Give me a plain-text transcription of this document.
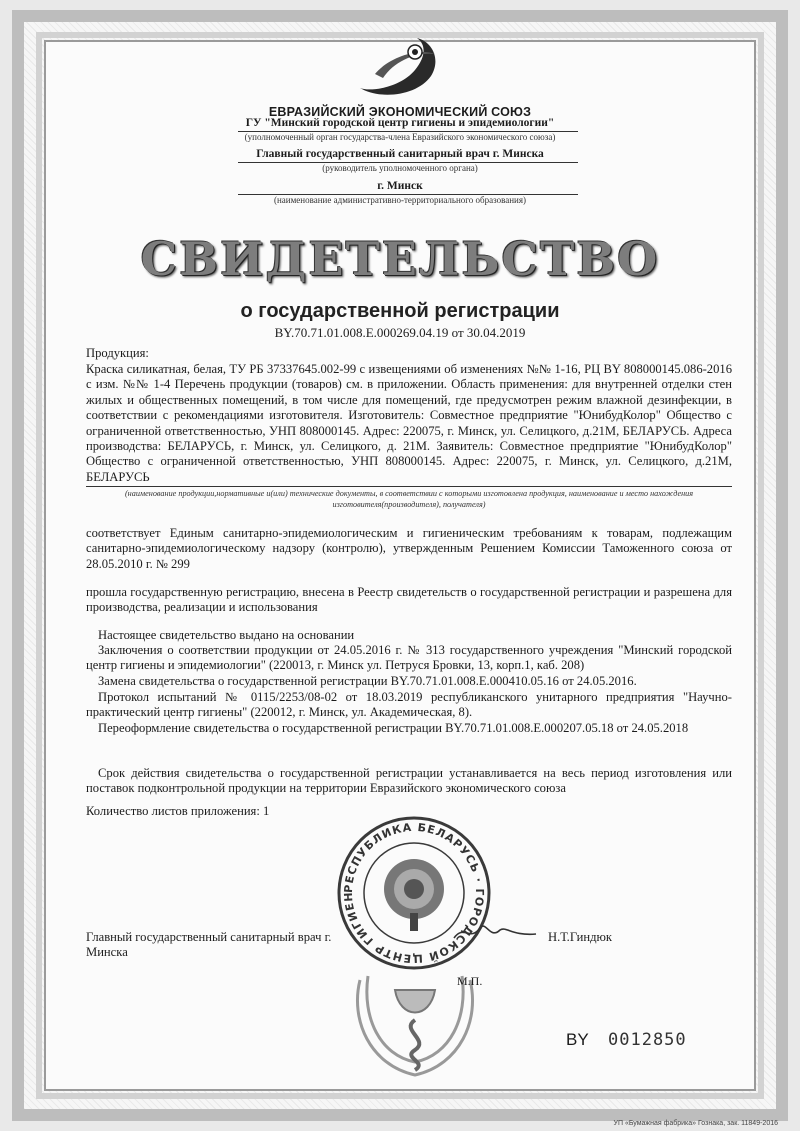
ЕВРАЗИЙСКИЙ ЭКОНОМИЧЕСКИЙ СОЮЗ
ГУ "Минский городской центр гигиены и эпидемиологии"
(уполномоченный орган государства-члена Евразийского экономического союза)
Главный государственный санитарный врач г. Минска
(руководитель уполномоченного органа)
г. Минск
(наименование административно-территориального образования)
СВИДЕТЕЛЬСТВО
о государственной регистрации
BY.70.71.01.008.E.000269.04.19 от 30.04.2019
Продукция:
Краска силикатная, белая, ТУ РБ 37337645.002-99 с извещениями об изменениях №№ 1-16, РЦ BY 808000145.086-2016 с изм. №№ 1-4 Перечень продукции (товаров) см. в приложении. Область применения: для внутренней отделки стен жилых и общественных помещений, в том числе для помещений, где предусмотрен режим влажной дезинфекции, в соответствии с рекомендациями изготовителя. Изготовитель: Совместное предприятие "ЮнибудКолор" Общество с ограниченной ответственностью, УНП 808000145. Адрес: 220075, г. Минск, ул. Селицкого, д.21М, БЕЛАРУСЬ. Адреса производства: БЕЛАРУСЬ, г. Минск, ул. Селицкого, д. 21М. Заявитель: Совместное предприятие "ЮнибудКолор" Общество с ограниченной ответственностью, УНП 808000145. Адрес: 220075, г. Минск, ул. Селицкого, д.21М, БЕЛАРУСЬ
(наименование продукции,нормативные и(или) технические документы, в соответствии с которыми изготовлена продукция, наименование и место нахождения изготовителя(производителя), получателя)
соответствует Единым санитарно-эпидемиологическим и гигиеническим требованиям к товарам, подлежащим санитарно-эпидемиологическому надзору (контролю), утвержденным Решением Комиссии Таможенного союза от 28.05.2010 г. № 299
прошла государственную регистрацию, внесена в Реестр свидетельств о государственной регистрации и разрешена для производства, реализации и использования
Настоящее свидетельство выдано на основании
Заключения о соответствии продукции от 24.05.2016 г. № 313 государственного учреждения "Минский городской центр гигиены и эпидемиологии" (220013, г. Минск ул. Петруся Бровки, 13, корп.1, каб. 208)
Замена свидетельства о государственной регистрации BY.70.71.01.008.E.000410.05.16 от 24.05.2016.
Протокол испытаний № 0115/2253/08-02 от 18.03.2019 республиканского унитарного предприятия "Научно-практический центр гигиены" (220012, г. Минск, ул. Академическая, 8).
Переоформление свидетельства о государственной регистрации BY.70.71.01.008.E.000207.05.18 от 24.05.2018
Срок действия свидетельства о государственной регистрации устанавливается на весь период изготовления или поставок подконтрольной продукции на территории Евразийского экономического союза
Количество листов приложения: 1
РЕСПУБЛИКА БЕЛАРУСЬ · ГОРОДСКОЙ ЦЕНТР ГИГИЕН
Главный государственный санитарный врач г. Минска
Н.Т.Гиндюк
М.П.
BY 0012850
УП «Бумажная фабрика» Гознака, зак. 11849-2016
